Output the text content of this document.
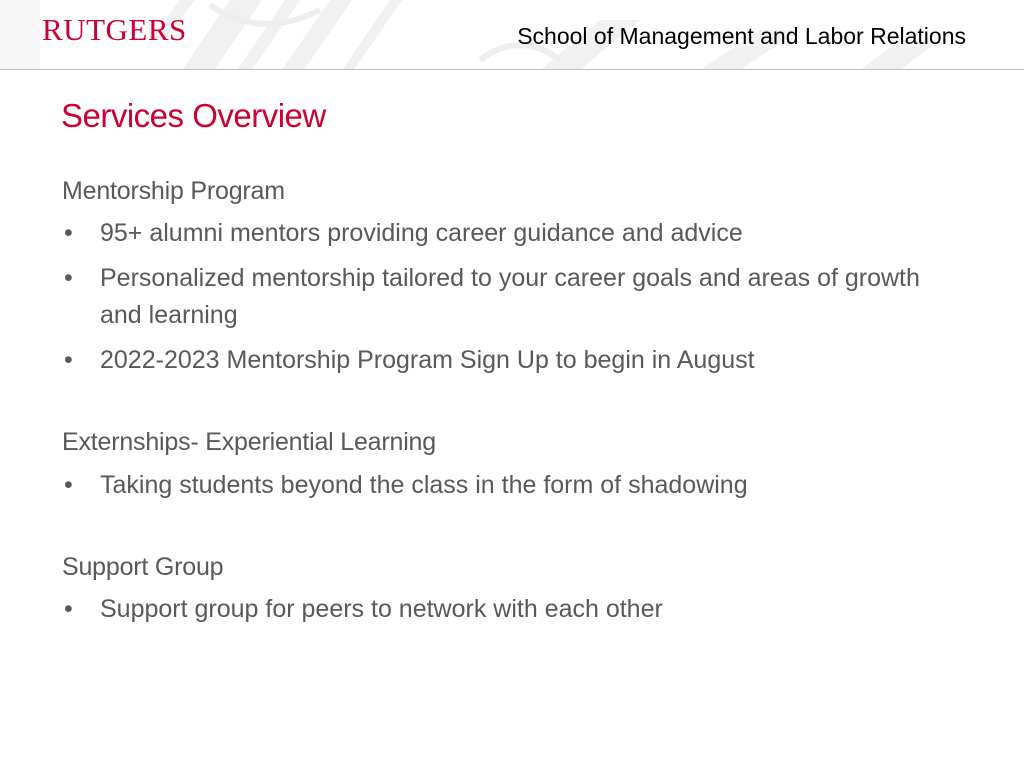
RUTGERS	School of Management and Labor Relations
Services Overview
Mentorship Program
• 95+ alumni mentors providing career guidance and advice
• Personalized mentorship tailored to your career goals and areas of growth and learning
• 2022-2023 Mentorship Program Sign Up to begin in August
Externships- Experiential Learning
• Taking students beyond the class in the form of shadowing
Support Group
• Support group for peers to network with each other
